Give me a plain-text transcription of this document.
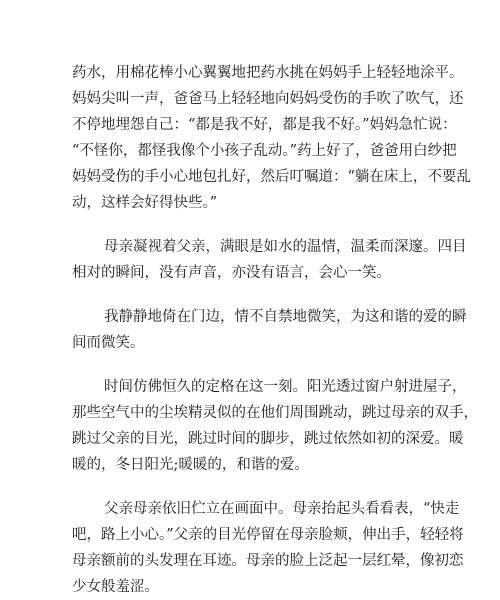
药水，用棉花棒小心翼翼地把药水挑在妈妈手上轻轻地涂平。
妈妈尖叫一声，爸爸马上轻轻地向妈妈受伤的手吹了吹气，还
不停地埋怨自己：“都是我不好，都是我不好。”妈妈急忙说：
“不怪你，都怪我像个小孩子乱动。”药上好了，爸爸用白纱把
妈妈受伤的手小心地包扎好，然后叮嘱道：“躺在床上，不要乱
动，这样会好得快些。”

母亲凝视着父亲，满眼是如水的温情，温柔而深邃。四目
相对的瞬间，没有声音，亦没有语言，会心一笑。

我静静地倚在门边，情不自禁地微笑，为这和谐的爱的瞬
间而微笑。

时间仿佛恒久的定格在这一刻。阳光透过窗户射进屋子，
那些空气中的尘埃精灵似的在他们周围跳动，跳过母亲的双手，
跳过父亲的目光，跳过时间的脚步，跳过依然如初的深爱。暖
暖的，冬日阳光;暖暖的，和谐的爱。

父亲母亲依旧伫立在画面中。母亲抬起头看看表，“快走
吧，路上小心。”父亲的目光停留在母亲脸颊，伸出手，轻轻将
母亲额前的头发理在耳迹。母亲的脸上泛起一层红晕，像初恋
少女般羞涩。
